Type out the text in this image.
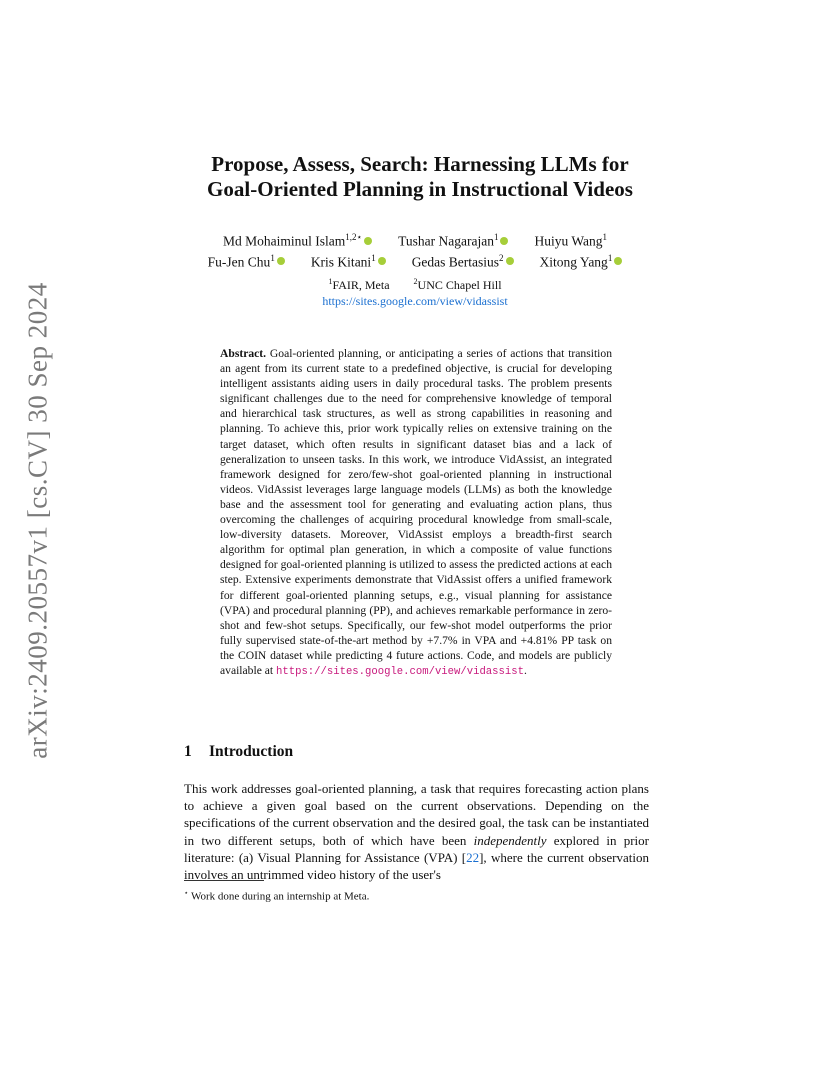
arXiv:2409.20557v1 [cs.CV] 30 Sep 2024
Propose, Assess, Search: Harnessing LLMs for
Goal-Oriented Planning in Instructional Videos
Md Mohaiminul Islam$^{1,2⋆}$	Tushar Nagarajan$^1$	Huiyu Wang$^1$
Fu-Jen Chu$^1$	Kris Kitani$^1$	Gedas Bertasius$^2$	Xitong Yang$^1$
$^1$FAIR, Meta	$^2$UNC Chapel Hill
https://sites.google.com/view/vidassist
Abstract. Goal-oriented planning, or anticipating a series of actions that transition an agent from its current state to a predefined objective, is crucial for developing intelligent assistants aiding users in daily procedural tasks. The problem presents significant challenges due to the need for comprehensive knowledge of temporal and hierarchical task structures, as well as strong capabilities in reasoning and planning. To achieve this, prior work typically relies on extensive training on the target dataset, which often results in significant dataset bias and a lack of generalization to unseen tasks. In this work, we introduce VidAssist, an integrated framework designed for zero/few-shot goal-oriented planning in instructional videos. VidAssist leverages large language models (LLMs) as both the knowledge base and the assessment tool for generating and evaluating action plans, thus overcoming the challenges of acquiring procedural knowledge from small-scale, low-diversity datasets. Moreover, VidAssist employs a breadth-first search algorithm for optimal plan generation, in which a composite of value functions designed for goal-oriented planning is utilized to assess the predicted actions at each step. Extensive experiments demonstrate that VidAssist offers a unified framework for different goal-oriented planning setups, e.g., visual planning for assistance (VPA) and procedural planning (PP), and achieves remarkable performance in zero-shot and few-shot setups. Specifically, our few-shot model outperforms the prior fully supervised state-of-the-art method by +7.7% in VPA and +4.81% PP task on the COIN dataset while predicting 4 future actions. Code, and models are publicly available at https://sites.google.com/view/vidassist.
1 Introduction
This work addresses goal-oriented planning, a task that requires forecasting action plans to achieve a given goal based on the current observations. Depending on the specifications of the current observation and the desired goal, the task can be instantiated in two different setups, both of which have been independently explored in prior literature: (a) Visual Planning for Assistance (VPA) [22], where the current observation involves an untrimmed video history of the user's
⋆ Work done during an internship at Meta.
